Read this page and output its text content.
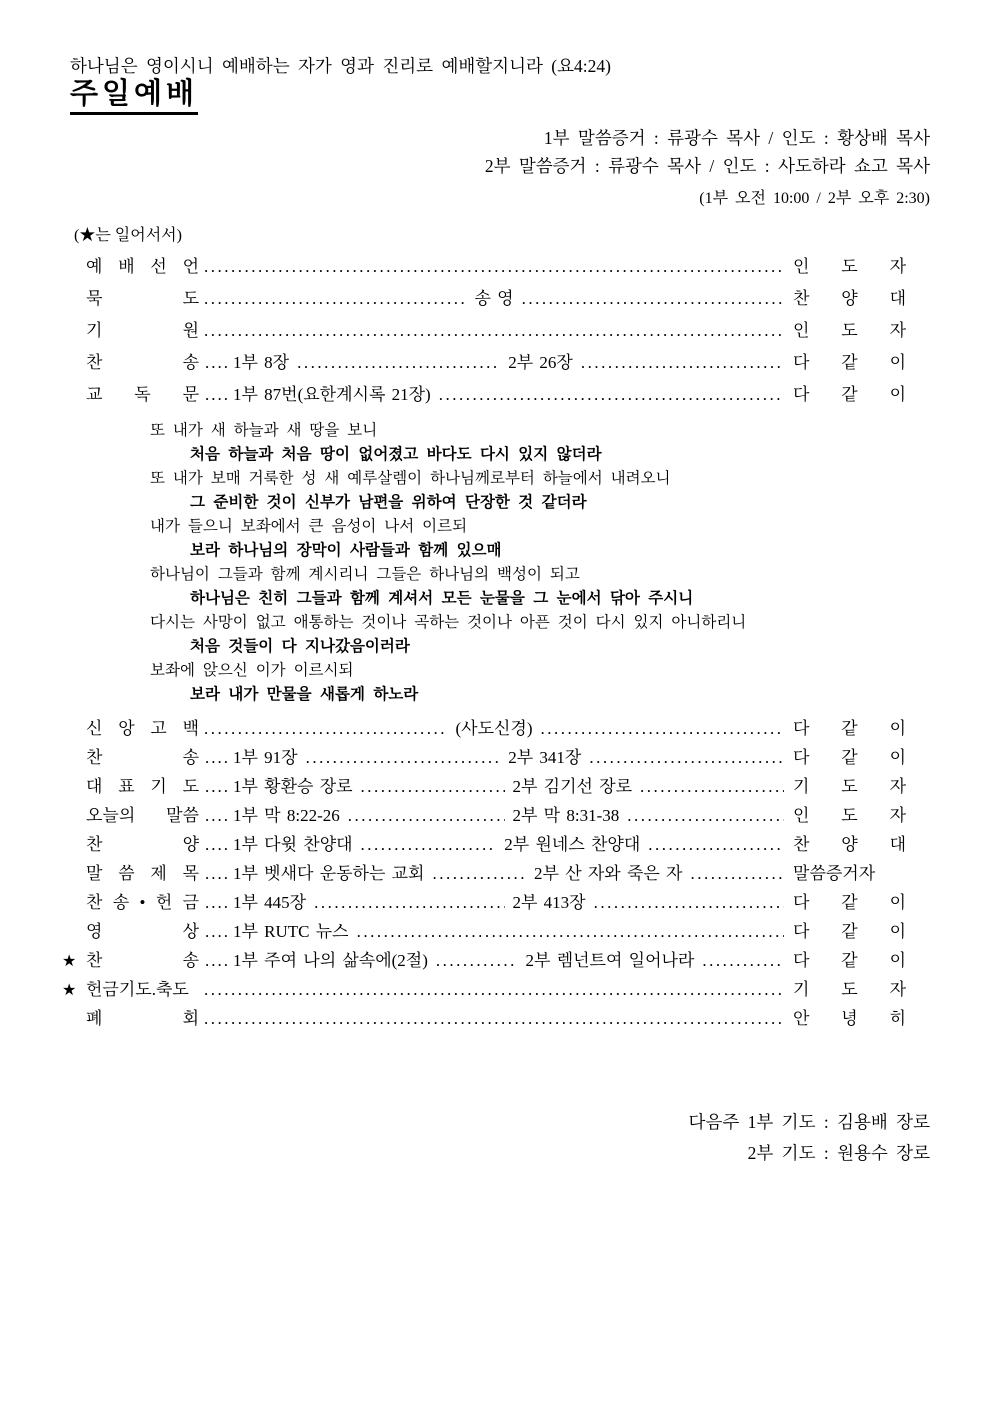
주일예배
하나님은 영이시니 예배하는 자가 영과 진리로 예배할지니라 (요4:24)
1부 말씀증거 : 류광수 목사 / 인도 : 황상배 목사
2부 말씀증거 : 류광수 목사 / 인도 : 사도하라 쇼고 목사
(1부 오전 10:00 / 2부 오후 2:30)
(★는 일어서서)
예 배 선 언 .....	인 도 자
묵 도 .....	송 영 .....	찬 양 대
기 원 .....	인 도 자
찬 송 .... 1부 8장 .....	2부 26장 .....	다 같 이
교 독 문 .... 1부 87번(요한계시록 21장) .....	다 같 이
또 내가 새 하늘과 새 땅을 보니
처음 하늘과 처음 땅이 없어졌고 바다도 다시 있지 않더라
또 내가 보매 거룩한 성 새 예루살렘이 하나님께로부터 하늘에서 내려오니
그 준비한 것이 신부가 남편을 위하여 단장한 것 같더라
내가 들으니 보좌에서 큰 음성이 나서 이르되
보라 하나님의 장막이 사람들과 함께 있으매
하나님이 그들과 함께 계시리니 그들은 하나님의 백성이 되고
하나님은 친히 그들과 함께 계셔서 모든 눈물을 그 눈에서 닦아 주시니
다시는 사망이 없고 애통하는 것이나 곡하는 것이나 아픈 것이 다시 있지 아니하리니
처음 것들이 다 지나갔음이러라
보좌에 앉으신 이가 이르시되
보라 내가 만물을 새롭게 하노라
신 앙 고 백 .....	(사도신경) .....	다 같 이
찬 송 .... 1부 91장 .....	2부 341장 .....	다 같 이
대 표 기 도 .... 1부 황환승 장로 .....	2부 김기선 장로 .....	기 도 자
오늘의 말씀 .... 1부 막 8:22-26 .....	2부 막 8:31-38 .....	인 도 자
찬 양 .... 1부 다윗 찬양대 .....	2부 원네스 찬양대 .....	찬 양 대
말 씀 제 목 .... 1부 벳새다 운동하는 교회 .....	2부 산 자와 죽은 자 .....	말씀증거자
찬 송 • 헌 금 .... 1부 445장 .....	2부 413장 .....	다 같 이
영 상 .... 1부 RUTC 뉴스 .....	다 같 이
★ 찬 송 .... 1부 주여 나의 삶속에(2절) .....	2부 렘넌트여 일어나라 .....	다 같 이
★ 헌금기도.축도 .....	기 도 자
폐 회 .....	안 녕 히
다음주 1부 기도 : 김용배 장로
2부 기도 : 원용수 장로
